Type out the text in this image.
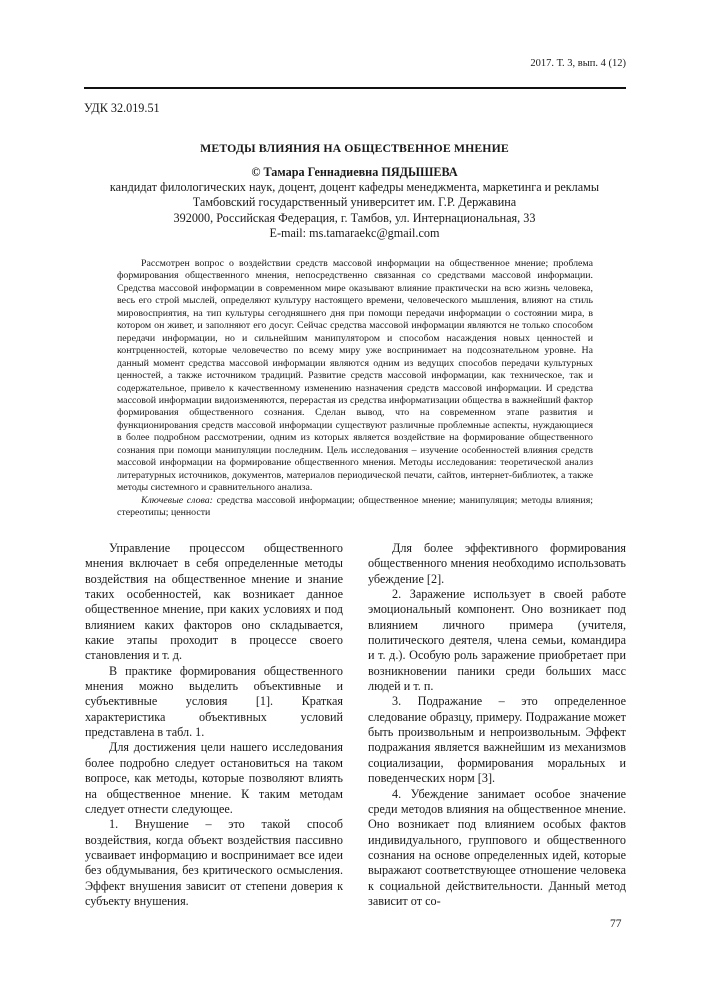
2017. Т. 3, вып. 4 (12)
УДК 32.019.51
МЕТОДЫ ВЛИЯНИЯ НА ОБЩЕСТВЕННОЕ МНЕНИЕ
© Тамара Геннадиевна ПЯДЫШЕВА
кандидат филологических наук, доцент, доцент кафедры менеджмента, маркетинга и рекламы
Тамбовский государственный университет им. Г.Р. Державина
392000, Российская Федерация, г. Тамбов, ул. Интернациональная, 33
E-mail: ms.tamaraekc@gmail.com

Рассмотрен вопрос о воздействии средств массовой информации на общественное мнение; проблема формирования общественного мнения, непосредственно связанная со средствами массовой информации. Средства массовой информации в современном мире оказывают влияние практически на всю жизнь человека, весь его строй мыслей, определяют культуру настоящего времени, человеческого мышления, влияют на стиль мировосприятия, на тип культуры сегодняшнего дня при помощи передачи информации о состоянии мира, в котором он живет, и заполняют его досуг. Сейчас средства массовой информации являются не только способом передачи информации, но и сильнейшим манипулятором и способом насаждения новых ценностей и контрценностей, которые человечество по всему миру уже воспринимает на подсознательном уровне. На данный момент средства массовой информации являются одним из ведущих способов передачи культурных ценностей, а также источником традиций. Развитие средств массовой информации, как техническое, так и содержательное, привело к качественному изменению назначения средств массовой информации. И средства массовой информации видоизменяются, перерастая из средства информатизации общества в важнейший фактор формирования общественного сознания. Сделан вывод, что на современном этапе развития и функционирования средств массовой информации существуют различные проблемные аспекты, нуждающиеся в более подробном рассмотрении, одним из которых является воздействие на формирование общественного сознания при помощи манипуляции последним. Цель исследования – изучение особенностей влияния средств массовой информации на формирование общественного мнения. Методы исследования: теоретической анализ литературных источников, документов, материалов периодической печати, сайтов, интернет-библиотек, а также методы системного и сравнительного анализа.

Ключевые слова: средства массовой информации; общественное мнение; манипуляция; методы влияния; стереотипы; ценности

Управление процессом общественного мнения включает в себя определенные методы воздействия на общественное мнение и знание таких особенностей, как возникает данное общественное мнение, при каких условиях и под влиянием каких факторов оно складывается, какие этапы проходит в процессе своего становления и т. д.

В практике формирования общественного мнения можно выделить объективные и субъективные условия [1]. Краткая характеристика объективных условий представлена в табл. 1.

Для достижения цели нашего исследования более подробно следует остановиться на таком вопросе, как методы, которые позволяют влиять на общественное мнение. К таким методам следует отнести следующее.

1. Внушение – это такой способ воздействия, когда объект воздействия пассивно усваивает информацию и воспринимает все идеи без обдумывания, без критического осмысления. Эффект внушения зависит от степени доверия к субъекту внушения.

Для более эффективного формирования общественного мнения необходимо использовать убеждение [2].

2. Заражение использует в своей работе эмоциональный компонент. Оно возникает под влиянием личного примера (учителя, политического деятеля, члена семьи, командира и т. д.). Особую роль заражение приобретает при возникновении паники среди больших масс людей и т. п.

3. Подражание – это определенное следование образцу, примеру. Подражание может быть произвольным и непроизвольным. Эффект подражания является важнейшим из механизмов социализации, формирования моральных и поведенческих норм [3].

4. Убеждение занимает особое значение среди методов влияния на общественное мнение. Оно возникает под влиянием особых фактов индивидуального, группового и общественного сознания на основе определенных идей, которые выражают соответствующее отношение человека к социальной действительности. Данный метод зависит от со-

77
